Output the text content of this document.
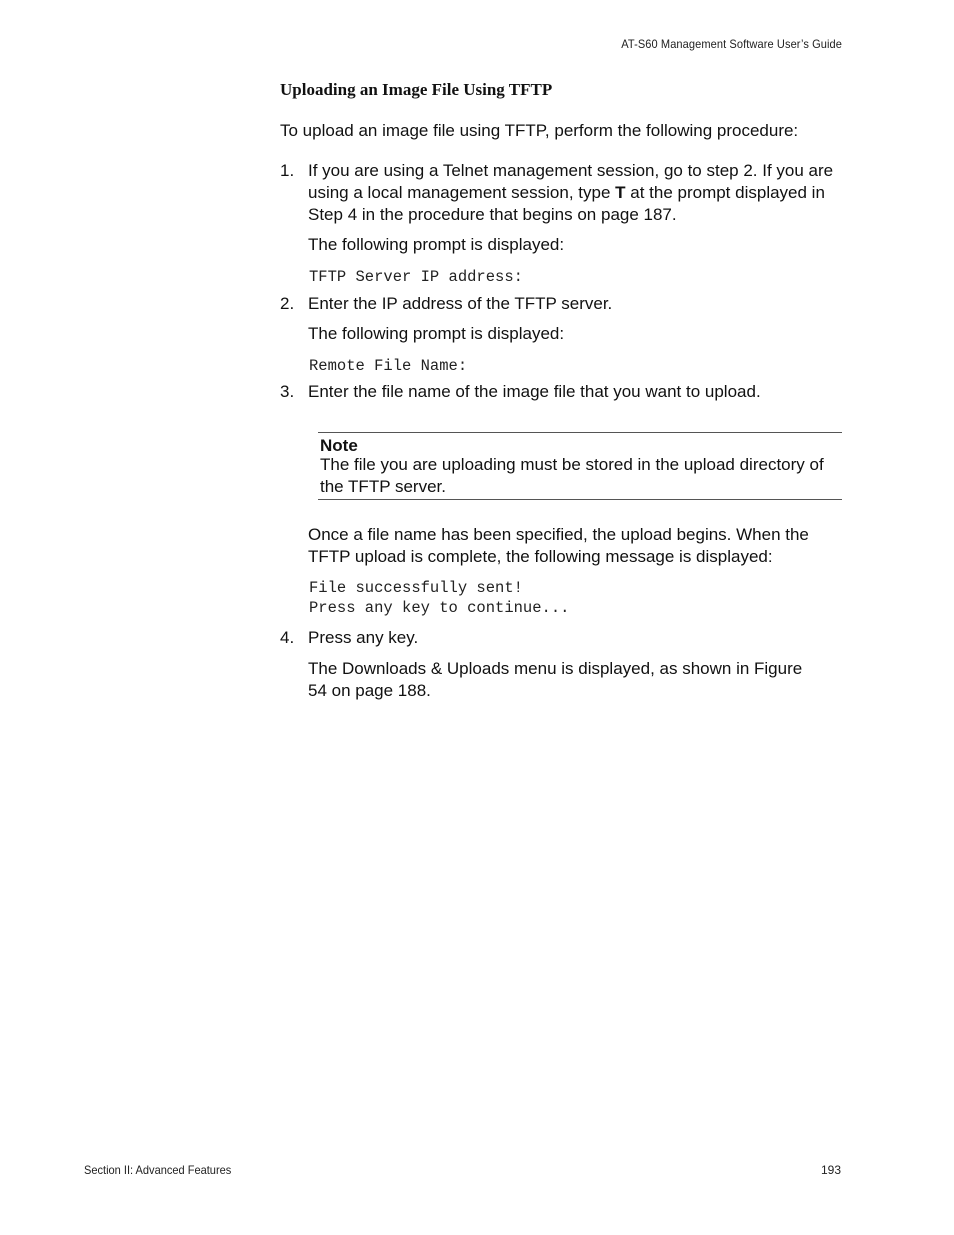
AT-S60 Management Software User’s Guide
Uploading an Image File Using TFTP

To upload an image file using TFTP, perform the following procedure:

1. If you are using a Telnet management session, go to step 2. If you are using a local management session, type T at the prompt displayed in Step 4 in the procedure that begins on page 187.

The following prompt is displayed:

TFTP Server IP address:

2. Enter the IP address of the TFTP server.

The following prompt is displayed:

Remote File Name:

3. Enter the file name of the image file that you want to upload.

Note

The file you are uploading must be stored in the upload directory of the TFTP server.

Once a file name has been specified, the upload begins. When the TFTP upload is complete, the following message is displayed:

File successfully sent!

Press any key to continue...

4. Press any key.

The Downloads & Uploads menu is displayed, as shown in Figure 54 on page 188.

Section II: Advanced Features	193
